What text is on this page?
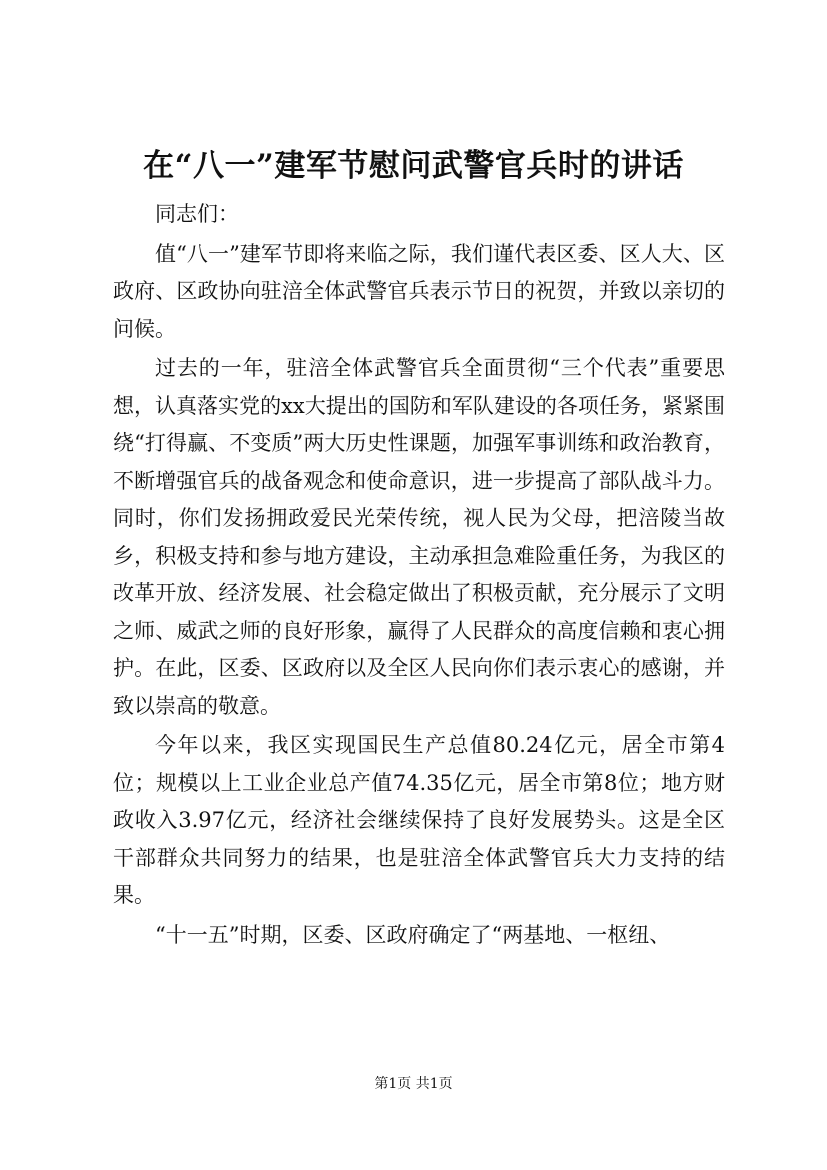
在“八一”建军节慰问武警官兵时的讲话

同志们：

值“八一”建军节即将来临之际，我们谨代表区委、区人大、区政府、区政协向驻涪全体武警官兵表示节日的祝贺，并致以亲切的问候。

过去的一年，驻涪全体武警官兵全面贯彻“三个代表”重要思想，认真落实党的xx大提出的国防和军队建设的各项任务，紧紧围绕“打得赢、不变质”两大历史性课题，加强军事训练和政治教育，不断增强官兵的战备观念和使命意识，进一步提高了部队战斗力。同时，你们发扬拥政爱民光荣传统，视人民为父母，把涪陵当故乡，积极支持和参与地方建设，主动承担急难险重任务，为我区的改革开放、经济发展、社会稳定做出了积极贡献，充分展示了文明之师、威武之师的良好形象，赢得了人民群众的高度信赖和衷心拥护。在此，区委、区政府以及全区人民向你们表示衷心的感谢，并致以崇高的敬意。

今年以来，我区实现国民生产总值80.24亿元，居全市第4位；规模以上工业企业总产值74.35亿元，居全市第8位；地方财政收入3.97亿元，经济社会继续保持了良好发展势头。这是全区干部群众共同努力的结果，也是驻涪全体武警官兵大力支持的结果。

“十一五”时期，区委、区政府确定了“两基地、一枢纽、

第1页 共1页
